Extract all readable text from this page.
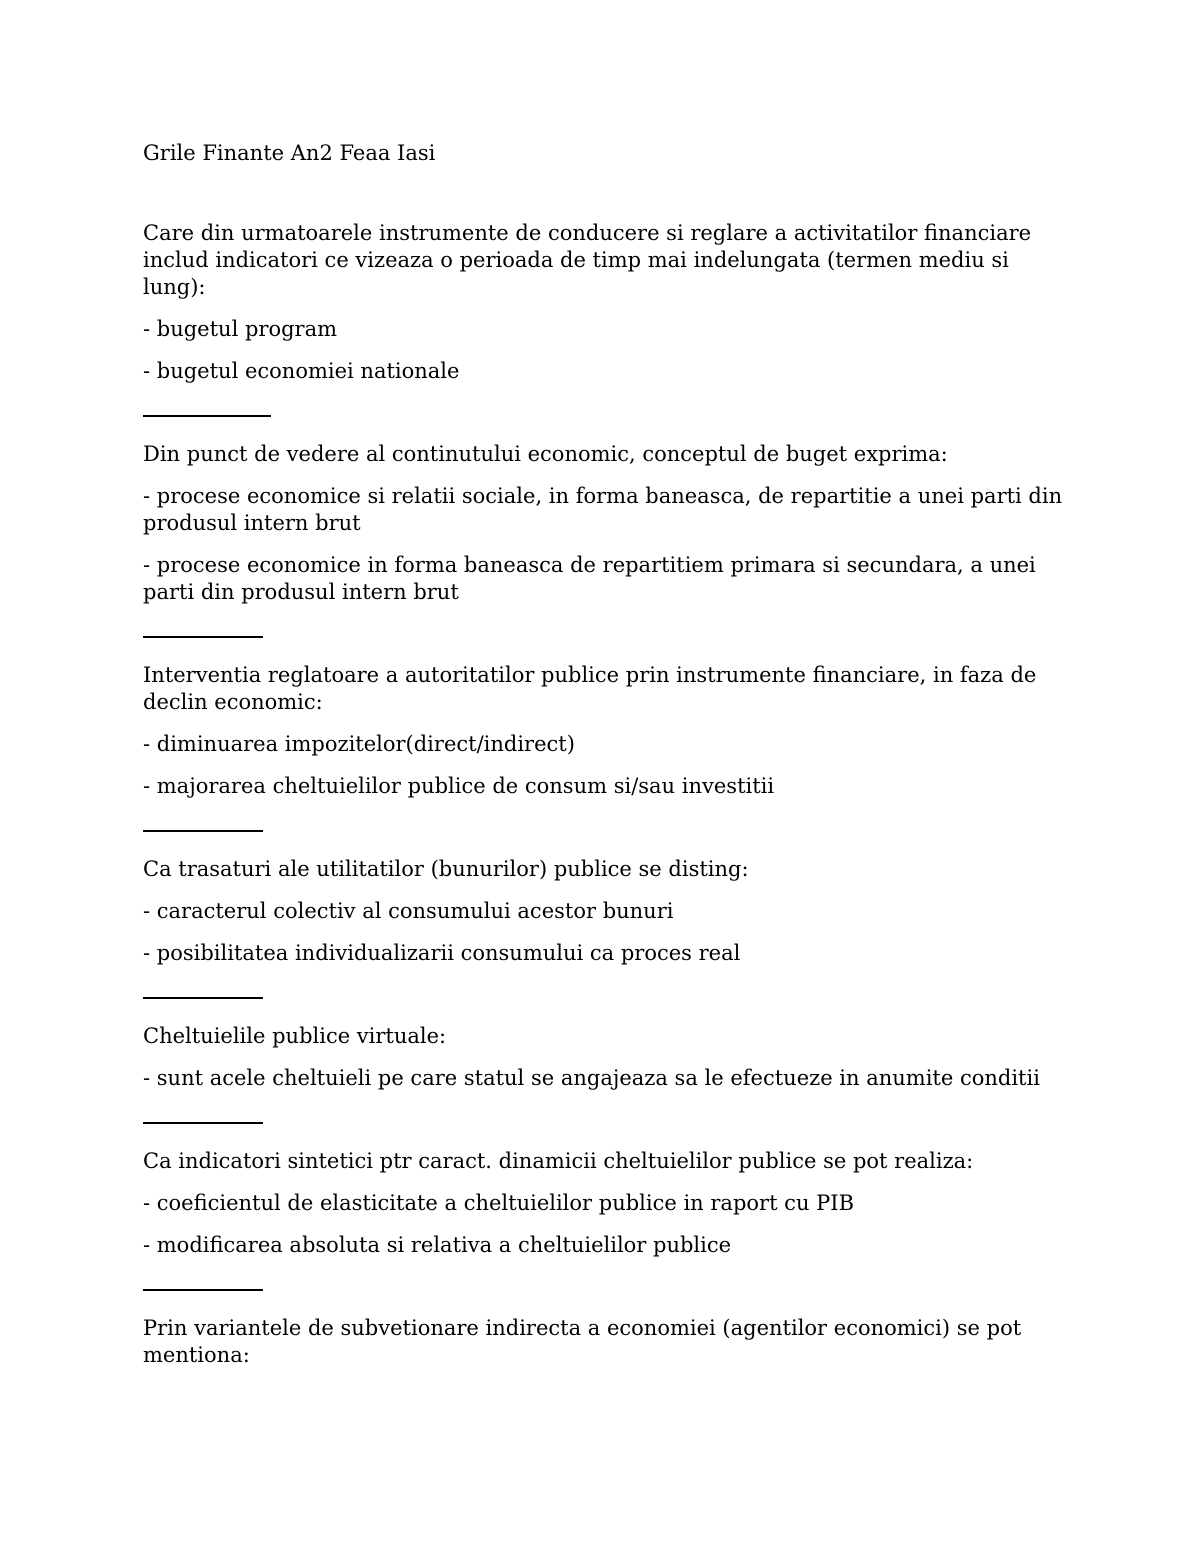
Grile Finante An2 Feaa Iasi

Care din urmatoarele instrumente de conducere si reglare a activitatilor financiare includ indicatori ce vizeaza o perioada de timp mai indelungata (termen mediu si lung):

- bugetul program

- bugetul economiei nationale

Din punct de vedere al continutului economic, conceptul de buget exprima:

- procese economice si relatii sociale, in forma baneasca, de repartitie a unei parti din produsul intern brut

- procese economice in forma baneasca de repartitiem primara si secundara, a unei parti din produsul intern brut

Interventia reglatoare a autoritatilor publice prin instrumente financiare, in faza de declin economic:

- diminuarea impozitelor(direct/indirect)

- majorarea cheltuielilor publice de consum si/sau investitii

Ca trasaturi ale utilitatilor (bunurilor) publice se disting:

- caracterul colectiv al consumului acestor bunuri

- posibilitatea individualizarii consumului ca proces real

Cheltuielile publice virtuale:

- sunt acele cheltuieli pe care statul se angajeaza sa le efectueze in anumite conditii

Ca indicatori sintetici ptr caract. dinamicii cheltuielilor publice se pot realiza:

- coeficientul de elasticitate a cheltuielilor publice in raport cu PIB

- modificarea absoluta si relativa a cheltuielilor publice

Prin variantele de subvetionare indirecta a economiei (agentilor economici) se pot mentiona:
